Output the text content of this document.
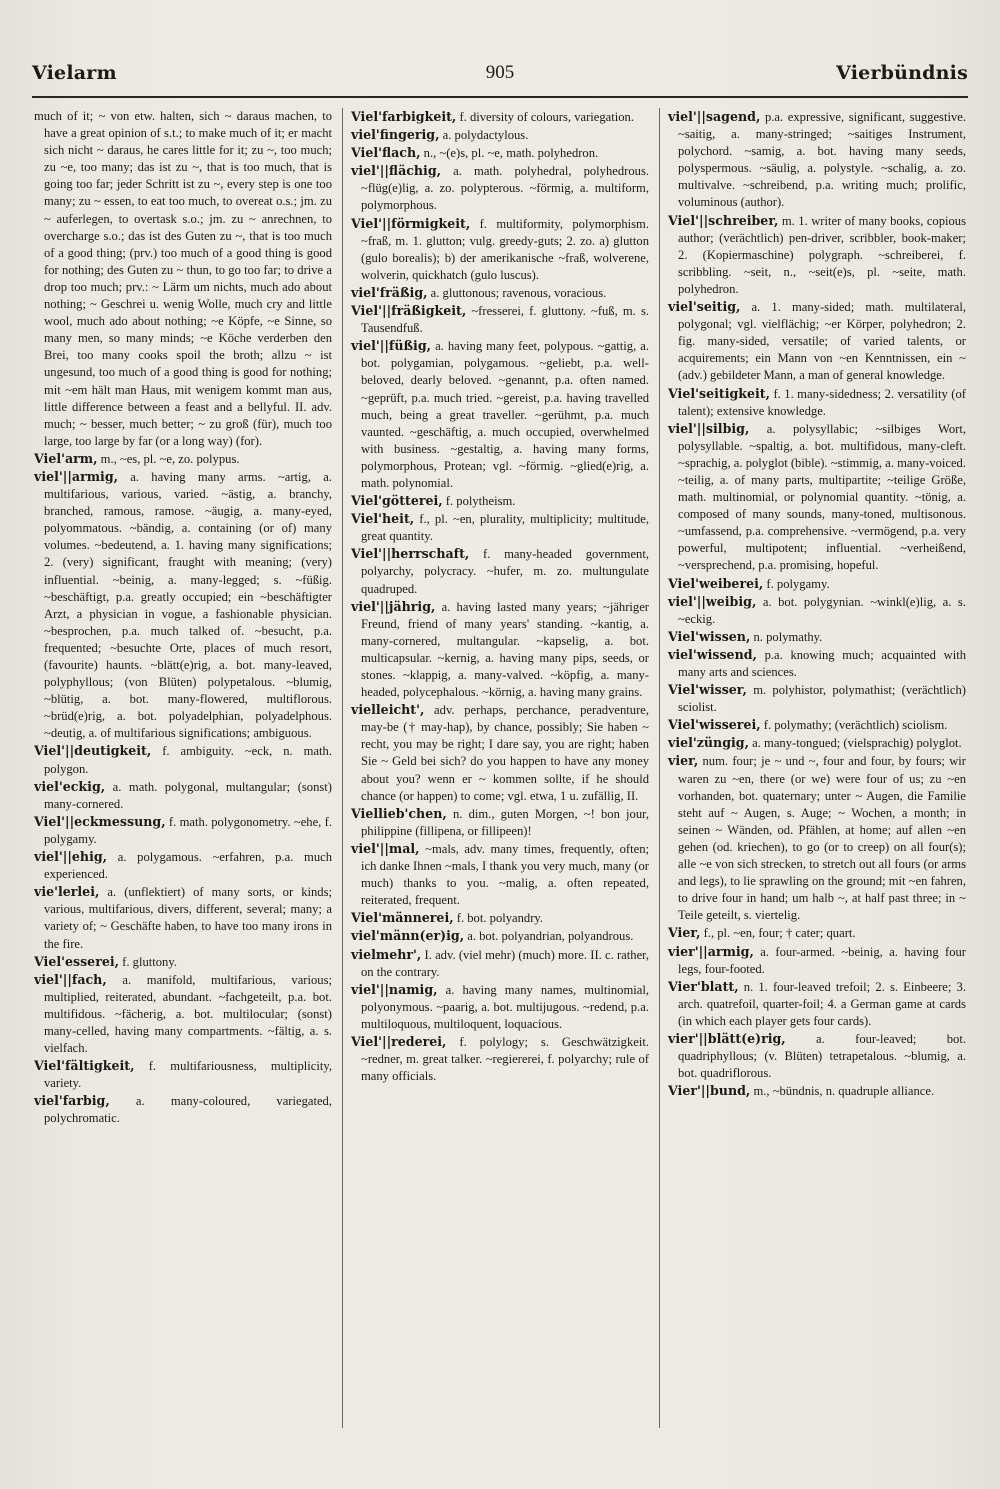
Vielarm	905	Vierbündnis

much of it; ~ von etw. halten, sich ~ daraus machen, to have a great opinion of s.t.; to make much of it; er macht sich nicht ~ daraus, he cares little for it; zu ~, too much; zu ~e, too many; das ist zu ~, that is too much, that is going too far; jeder Schritt ist zu ~, every step is one too many; zu ~ essen, to eat too much, to overeat o.s.; jm. zu ~ auferlegen, to overtask s.o.; jm. zu ~ anrechnen, to overcharge s.o.; das ist des Guten zu ~, that is too much of a good thing; (prv.) too much of a good thing is good for nothing; des Guten zu ~ thun, to go too far; to drive a drop too much; prv.: ~ Lärm um nichts, much ado about nothing; ~ Geschrei u. wenig Wolle, much cry and little wool, much ado about nothing; ~e Köpfe, ~e Sinne, so many men, so many minds; ~e Köche verderben den Brei, too many cooks spoil the broth; allzu ~ ist ungesund, too much of a good thing is good for nothing; mit ~em hält man Haus, mit wenigem kommt man aus, little difference between a feast and a bellyful. II. adv. much; ~ besser, much better; ~ zu groß (für), much too large, too large by far (or a long way) (for).

Viel'arm, m., ~es, pl. ~e, zo. polypus.

viel'||armig, a. having many arms. ~artig, a. multifarious, various, varied. ~ästig, a. branchy, branched, ramous, ramose. ~äugig, a. many-eyed, polyommatous. ~bändig, a. containing (or of) many volumes. ~bedeutend, a. 1. having many significations; 2. (very) significant, fraught with meaning; (very) influential. ~beinig, a. many-legged; s. ~füßig. ~beschäftigt, p.a. greatly occupied; ein ~beschäftigter Arzt, a physician in vogue, a fashionable physician. ~besprochen, p.a. much talked of. ~besucht, p.a. frequented; ~besuchte Orte, places of much resort, (favourite) haunts. ~blätt(e)rig, a. bot. many-leaved, polyphyllous; (von Blüten) polypetalous. ~blumig, ~blütig, a. bot. many-flowered, multiflorous. ~brüd(e)rig, a. bot. polyadelphian, polyadelphous. ~deutig, a. of multifarious significations; ambiguous.

Viel'||deutigkeit, f. ambiguity. ~eck, n. math. polygon.

viel'eckig, a. math. polygonal, multangular; (sonst) many-cornered.

Viel'||eckmessung, f. math. polygonometry. ~ehe, f. polygamy.

viel'||ehig, a. polygamous. ~erfahren, p.a. much experienced.

vie'lerlei, a. (unflektiert) of many sorts, or kinds; various, multifarious, divers, different, several; many; a variety of; ~ Geschäfte haben, to have too many irons in the fire.

Viel'esserei, f. gluttony.

viel'||fach, a. manifold, multifarious, various; multiplied, reiterated, abundant. ~fachgeteilt, p.a. bot. multifidous. ~fächerig, a. bot. multilocular; (sonst) many-celled, having many compartments. ~fältig, a. s. vielfach.

Viel'fältigkeit, f. multifariousness, multiplicity, variety.

viel'farbig, a. many-coloured, variegated, polychromatic.

Viel'farbigkeit, f. diversity of colours, variegation.

viel'fingerig, a. polydactylous.

Viel'flach, n., ~(e)s, pl. ~e, math. polyhedron.

viel'||flächig, a. math. polyhedral, polyhedrous. ~flüg(e)lig, a. zo. polypterous. ~förmig, a. multiform, polymorphous.

Viel'||förmigkeit, f. multiformity, polymorphism. ~fraß, m. 1. glutton; vulg. greedy-guts; 2. zo. a) glutton (gulo borealis); b) der amerikanische ~fraß, wolverene, wolverin, quickhatch (gulo luscus).

viel'fräßig, a. gluttonous; ravenous, voracious.

Viel'||fräßigkeit, ~fresserei, f. gluttony. ~fuß, m. s. Tausendfuß.

viel'||füßig, a. having many feet, polypous. ~gattig, a. bot. polygamian, polygamous. ~geliebt, p.a. well-beloved, dearly beloved. ~genannt, p.a. often named. ~geprüft, p.a. much tried. ~gereist, p.a. having travelled much, being a great traveller. ~gerühmt, p.a. much vaunted. ~geschäftig, a. much occupied, overwhelmed with business. ~gestaltig, a. having many forms, polymorphous, Protean; vgl. ~förmig. ~glied(e)rig, a. math. polynomial.

Viel'götterei, f. polytheism.

Viel'heit, f., pl. ~en, plurality, multiplicity; multitude, great quantity.

Viel'||herrschaft, f. many-headed government, polyarchy, polycracy. ~hufer, m. zo. multungulate quadruped.

viel'||jährig, a. having lasted many years; ~jähriger Freund, friend of many years' standing. ~kantig, a. many-cornered, multangular. ~kapselig, a. bot. multicapsular. ~kernig, a. having many pips, seeds, or stones. ~klappig, a. many-valved. ~köpfig, a. many-headed, polycephalous. ~körnig, a. having many grains.

vielleicht', adv. perhaps, perchance, peradventure, may-be († may-hap), by chance, possibly; Sie haben ~ recht, you may be right; I dare say, you are right; haben Sie ~ Geld bei sich? do you happen to have any money about you? wenn er ~ kommen sollte, if he should chance (or happen) to come; vgl. etwa, 1 u. zufällig, II.

Viellieb'chen, n. dim., guten Morgen, ~! bon jour, philippine (fillipena, or fillipeen)!

viel'||mal, ~mals, adv. many times, frequently, often; ich danke Ihnen ~mals, I thank you very much, many (or much) thanks to you. ~malig, a. often repeated, reiterated, frequent.

Viel'männerei, f. bot. polyandry.

viel'männ(er)ig, a. bot. polyandrian, polyandrous.

vielmehr', I. adv. (viel mehr) (much) more. II. c. rather, on the contrary.

viel'||namig, a. having many names, multinomial, polyonymous. ~paarig, a. bot. multijugous. ~redend, p.a. multiloquous, multiloquent, loquacious.

Viel'||rederei, f. polylogy; s. Geschwätzigkeit. ~redner, m. great talker. ~regiererei, f. polyarchy; rule of many officials.

viel'||sagend, p.a. expressive, significant, suggestive. ~saitig, a. many-stringed; ~saitiges Instrument, polychord. ~samig, a. bot. having many seeds, polyspermous. ~säulig, a. polystyle. ~schalig, a. zo. multivalve. ~schreibend, p.a. writing much; prolific, voluminous (author).

Viel'||schreiber, m. 1. writer of many books, copious author; (verächtlich) pen-driver, scribbler, book-maker; 2. (Kopiermaschine) polygraph. ~schreiberei, f. scribbling. ~seit, n., ~seit(e)s, pl. ~seite, math. polyhedron.

viel'seitig, a. 1. many-sided; math. multilateral, polygonal; vgl. vielflächig; ~er Körper, polyhedron; 2. fig. many-sided, versatile; of varied talents, or acquirements; ein Mann von ~en Kenntnissen, ein ~ (adv.) gebildeter Mann, a man of general knowledge.

Viel'seitigkeit, f. 1. many-sidedness; 2. versatility (of talent); extensive knowledge.

viel'||silbig, a. polysyllabic; ~silbiges Wort, polysyllable. ~spaltig, a. bot. multifidous, many-cleft. ~sprachig, a. polyglot (bible). ~stimmig, a. many-voiced. ~teilig, a. of many parts, multipartite; ~teilige Größe, math. multinomial, or polynomial quantity. ~tönig, a. composed of many sounds, many-toned, multisonous. ~umfassend, p.a. comprehensive. ~vermögend, p.a. very powerful, multipotent; influential. ~verheißend, ~versprechend, p.a. promising, hopeful.

Viel'weiberei, f. polygamy.

viel'||weibig, a. bot. polygynian. ~winkl(e)lig, a. s. ~eckig.

Viel'wissen, n. polymathy.

viel'wissend, p.a. knowing much; acquainted with many arts and sciences.

Viel'wisser, m. polyhistor, polymathist; (verächtlich) sciolist.

Viel'wisserei, f. polymathy; (verächtlich) sciolism.

viel'züngig, a. many-tongued; (vielsprachig) polyglot.

vier, num. four; je ~ und ~, four and four, by fours; wir waren zu ~en, there (or we) were four of us; zu ~en vorhanden, bot. quaternary; unter ~ Augen, die Familie steht auf ~ Augen, s. Auge; ~ Wochen, a month; in seinen ~ Wänden, od. Pfählen, at home; auf allen ~en gehen (od. kriechen), to go (or to creep) on all four(s); alle ~e von sich strecken, to stretch out all fours (or arms and legs), to lie sprawling on the ground; mit ~en fahren, to drive four in hand; um halb ~, at half past three; in ~ Teile geteilt, s. viertelig.

Vier, f., pl. ~en, four; † cater; quart.

vier'||armig, a. four-armed. ~beinig, a. having four legs, four-footed.

Vier'blatt, n. 1. four-leaved trefoil; 2. s. Einbeere; 3. arch. quatrefoil, quarter-foil; 4. a German game at cards (in which each player gets four cards).

vier'||blätt(e)rig, a. four-leaved; bot. quadriphyllous; (v. Blüten) tetrapetalous. ~blumig, a. bot. quadriflorous.

Vier'||bund, m., ~bündnis, n. quadruple alliance.
